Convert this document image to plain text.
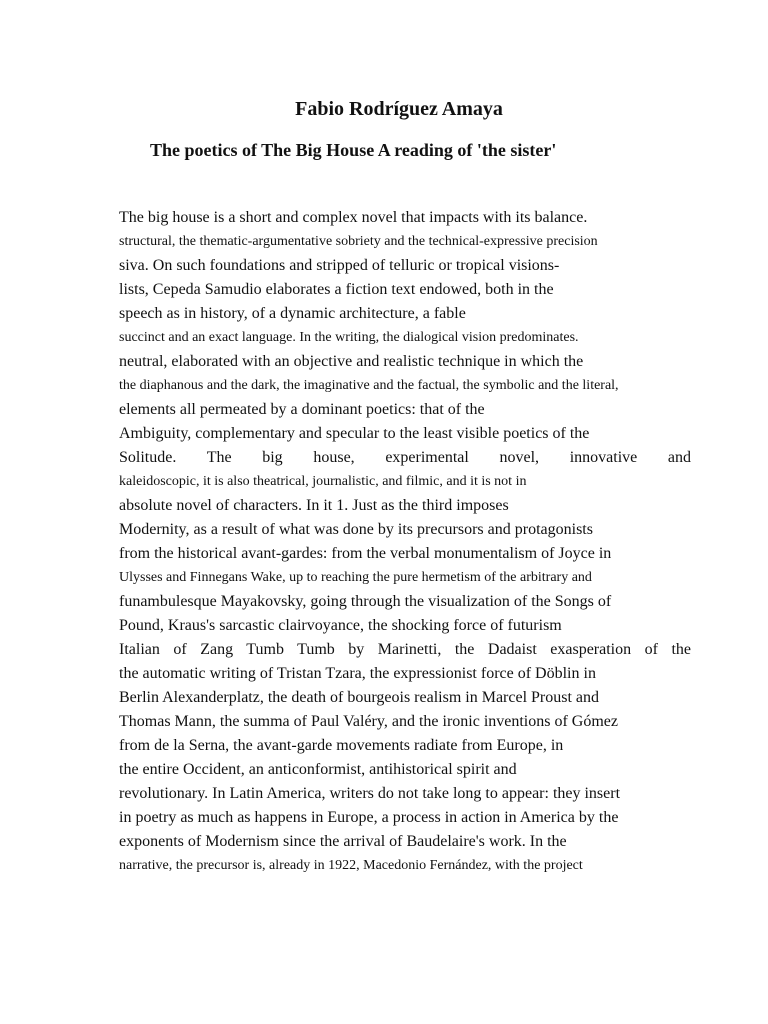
Fabio Rodríguez Amaya
The poetics of The Big House A reading of 'the sister'
The big house is a short and complex novel that impacts with its balance.
structural, the thematic-argumentative sobriety and the technical-expressive precision
siva. On such foundations and stripped of telluric or tropical visions-
lists, Cepeda Samudio elaborates a fiction text endowed, both in the
speech as in history, of a dynamic architecture, a fable
succinct and an exact language. In the writing, the dialogical vision predominates.
neutral, elaborated with an objective and realistic technique in which the
the diaphanous and the dark, the imaginative and the factual, the symbolic and the literal,
elements all permeated by a dominant poetics: that of the
Ambiguity, complementary and specular to the least visible poetics of the
Solitude. The big house, experimental novel, innovative and
kaleidoscopic, it is also theatrical, journalistic, and filmic, and it is not in
absolute novel of characters. In it 1. Just as the third imposes
Modernity, as a result of what was done by its precursors and protagonists
from the historical avant-gardes: from the verbal monumentalism of Joyce in
Ulysses and Finnegans Wake, up to reaching the pure hermetism of the arbitrary and
funambulesque Mayakovsky, going through the visualization of the Songs of
Pound, Kraus's sarcastic clairvoyance, the shocking force of futurism
Italian of Zang Tumb Tumb by Marinetti, the Dadaist exasperation of the
the automatic writing of Tristan Tzara, the expressionist force of Döblin in
Berlin Alexanderplatz, the death of bourgeois realism in Marcel Proust and
Thomas Mann, the summa of Paul Valéry, and the ironic inventions of Gómez
from de la Serna, the avant-garde movements radiate from Europe, in
the entire Occident, an anticonformist, antihistorical spirit and
revolutionary. In Latin America, writers do not take long to appear: they insert
in poetry as much as happens in Europe, a process in action in America by the
exponents of Modernism since the arrival of Baudelaire's work. In the
narrative, the precursor is, already in 1922, Macedonio Fernández, with the project
